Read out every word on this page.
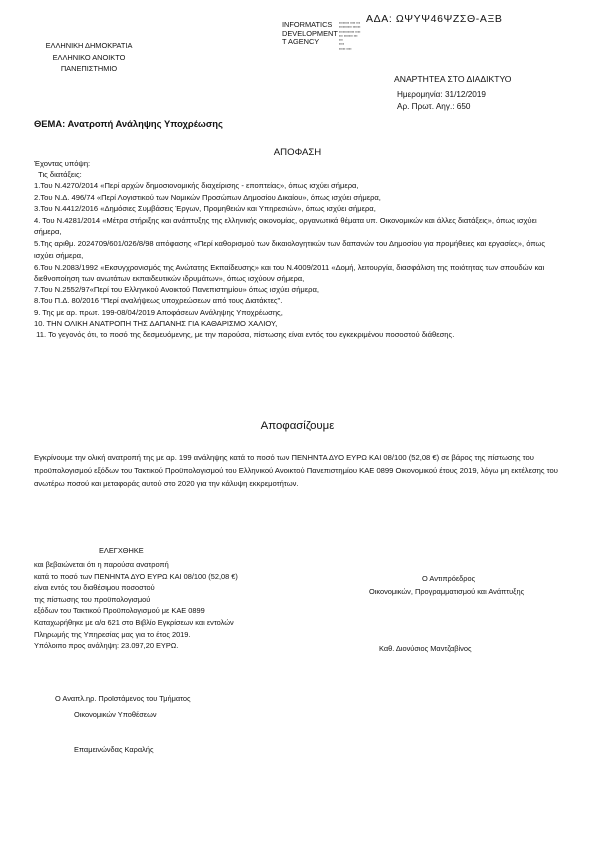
ΑΔΑ: ΩΨΥΨ46ΨΖΣΘ-ΑΞΒ
INFORMATICS
DEVELOPMENT
T AGENCY
▪▪▪▪▪▪▪▪ ▪▪▪▪ ▪▪▪
▪▪▪▪▪▪▪▪▪▪ ▪▪▪▪▪▪
▪▪▪▪▪▪▪▪▪▪▪▪ ▪▪▪▪
▪▪▪ ▪▪▪▪▪▪▪ ▪▪▪
▪▪▪
▪▪▪▪
▪▪▪▪▪ ▪▪▪▪
ΕΛΛΗΝΙΚΗ ΔΗΜΟΚΡΑΤΙΑ
ΕΛΛΗΝΙΚΟ ΑΝΟΙΚΤΟ
ΠΑΝΕΠΙΣΤΗΜΙΟ
ΑΝΑΡΤΗΤΕΑ ΣΤΟ ΔΙΑΔΙΚΤΥΟ
Ημερομηνία: 31/12/2019
Αρ. Πρωτ. Αηγ.: 650
ΘΕΜΑ: Ανατροπή Ανάληψης Υποχρέωσης
ΑΠΟΦΑΣΗ
Έχοντας υπόψη:
Τις διατάξεις:
1.Του Ν.4270/2014 «Περί αρχών δημοσιονομικής διαχείρισης - εποπτείας», όπως ισχύει σήμερα,
2.Του Ν.Δ. 496/74 «Περί Λογιστικού των Νομικών Προσώπων Δημοσίου Δικαίου», όπως ισχύει σήμερα,
3.Του Ν.4412/2016 «Δημόσιες Συμβάσεις Έργων, Προμηθειών και Υπηρεσιών», όπως ισχύει σήμερα,
4. Του Ν.4281/2014 «Μέτρα στήριξης και ανάπτυξης της ελληνικής οικονομίας, οργανωτικά θέματα υπ. Οικονομικών και άλλες διατάξεις», όπως ισχύει σήμερα,
5.Της αριθμ. 2024709/601/026/8/98 απόφασης «Περί καθορισμού των δικαιολογητικών των δαπανών του Δημοσίου για προμήθειες και εργασίες», όπως ισχύει σήμερα,
6.Του Ν.2083/1992 «Εκσυγχρονισμός της Ανώτατης Εκπαίδευσης» και του Ν.4009/2011 «Δομή, λειτουργία, διασφάλιση της ποιότητας των σπουδών και διεθνοποίηση των ανωτάτων εκπαιδευτικών ιδρυμάτων», όπως ισχύουν σήμερα,
7.Του Ν.2552/97«Περί του Ελληνικού Ανοικτού Πανεπιστημίου» όπως ισχύει σήμερα,
8.Του Π.Δ. 80/2016 "Περί αναλήψεως υποχρεώσεων από τους Διατάκτες".
9. Της με αρ. πρωτ. 199-08/04/2019 Αποφάσεων Ανάληψης Υποχρέωσης,
10. ΤΗΝ ΟΛΙΚΗ ΑΝΑΤΡΟΠΗ ΤΗΣ ΔΑΠΑΝΗΣ ΓΙΑ ΚΑΘΑΡΙΣΜΟ ΧΑΛΙΟΥ,
11. Το γεγονός ότι, το ποσό της δεσμευόμενης, με την παρούσα, πίστωσης είναι εντός του εγκεκριμένου ποσοστού διάθεσης.
Αποφασίζουμε
Εγκρίνουμε την ολική ανατροπή της με αρ. 199 ανάληψης κατά το ποσό των ΠΕΝΗΝΤΑ ΔΥΟ ΕΥΡΩ ΚΑΙ 08/100 (52,08 €) σε βάρος της πίστωσης του προϋπολογισμού εξόδων του Τακτικού Προϋπολογισμού του Ελληνικού Ανοικτού Πανεπιστημίου ΚΑΕ 0899 Οικονομικού έτους 2019, λόγω μη εκτέλεσης του ανωτέρω ποσού και μεταφοράς αυτού στο 2020 για την κάλυψη εκκρεμοτήτων.
ΕΛΕΓΧΘΗΚΕ
και βεβαιώνεται ότι η παρούσα ανατροπή
κατά το ποσό των ΠΕΝΗΝΤΑ ΔΥΟ ΕΥΡΩ ΚΑΙ 08/100 (52,08 €)
είναι εντός του διαθέσιμου ποσοστού
της πίστωσης του προϋπολογισμού
εξόδων του Τακτικού Προϋπολογισμού με ΚΑΕ 0899
Καταχωρήθηκε με α/α 621 στο Βιβλίο Εγκρίσεων και εντολών
Πληρωμής της Υπηρεσίας μας για το έτος 2019.
Υπόλοιπο προς ανάληψη: 23.097,20 ΕΥΡΩ.
Ο Αντιπρόεδρος
Οικονομικών, Προγραμματισμού και Ανάπτυξης
Καθ. Διονύσιος Μαντζαβίνος
Ο Αναπλ.ηρ. Προϊστάμενος του Τμήματος
Οικονομικών Υποθέσεων
Επαμεινώνδας Καραλής
